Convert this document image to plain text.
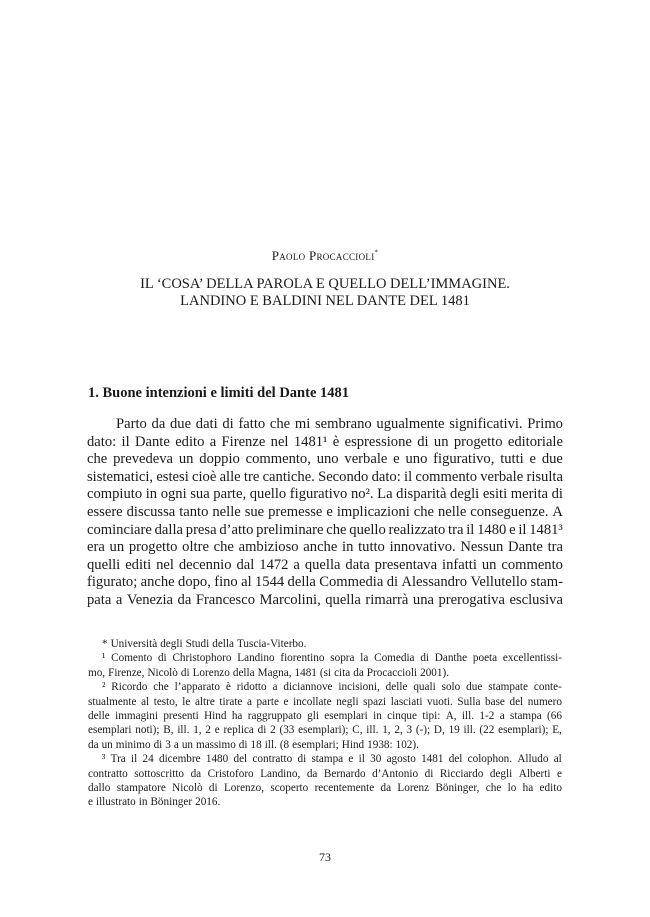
Paolo Procaccioli*
IL ‘COSA’ DELLA PAROLA E QUELLO DELL’IMMAGINE.
LANDINO E BALDINI NEL DANTE DEL 1481
1. Buone intenzioni e limiti del Dante 1481
Parto da due dati di fatto che mi sembrano ugualmente significativi. Primo
dato: il Dante edito a Firenze nel 1481¹ è espressione di un progetto editoriale
che prevedeva un doppio commento, uno verbale e uno figurativo, tutti e due
sistematici, estesi cioè alle tre cantiche. Secondo dato: il commento verbale risulta
compiuto in ogni sua parte, quello figurativo no². La disparità degli esiti merita di
essere discussa tanto nelle sue premesse e implicazioni che nelle conseguenze. A
cominciare dalla presa d’atto preliminare che quello realizzato tra il 1480 e il 1481³
era un progetto oltre che ambizioso anche in tutto innovativo. Nessun Dante tra
quelli editi nel decennio dal 1472 a quella data presentava infatti un commento
figurato; anche dopo, fino al 1544 della Commedia di Alessandro Vellutello stam-
pata a Venezia da Francesco Marcolini, quella rimarrà una prerogativa esclusiva
* Università degli Studi della Tuscia-Viterbo.
¹ Comento di Christophoro Landino fiorentino sopra la Comedia di Danthe poeta excellentissi-
mo, Firenze, Nicolò di Lorenzo della Magna, 1481 (si cita da Procaccioli 2001).
² Ricordo che l’apparato è ridotto a diciannove incisioni, delle quali solo due stampate conte-
stualmente al testo, le altre tirate a parte e incollate negli spazi lasciati vuoti. Sulla base del numero
delle immagini presenti Hind ha raggruppato gli esemplari in cinque tipi: A, ill. 1-2 a stampa (66
esemplari noti); B, ill. 1, 2 e replica di 2 (33 esemplari); C, ill. 1, 2, 3 (-); D, 19 ill. (22 esemplari); E,
da un minimo di 3 a un massimo di 18 ill. (8 esemplari; Hind 1938: 102).
³ Tra il 24 dicembre 1480 del contratto di stampa e il 30 agosto 1481 del colophon. Alludo al
contratto sottoscritto da Cristoforo Landino, da Bernardo d’Antonio di Ricciardo degli Alberti e
dallo stampatore Nicolò di Lorenzo, scoperto recentemente da Lorenz Böninger, che lo ha edito
e illustrato in Böninger 2016.
73
